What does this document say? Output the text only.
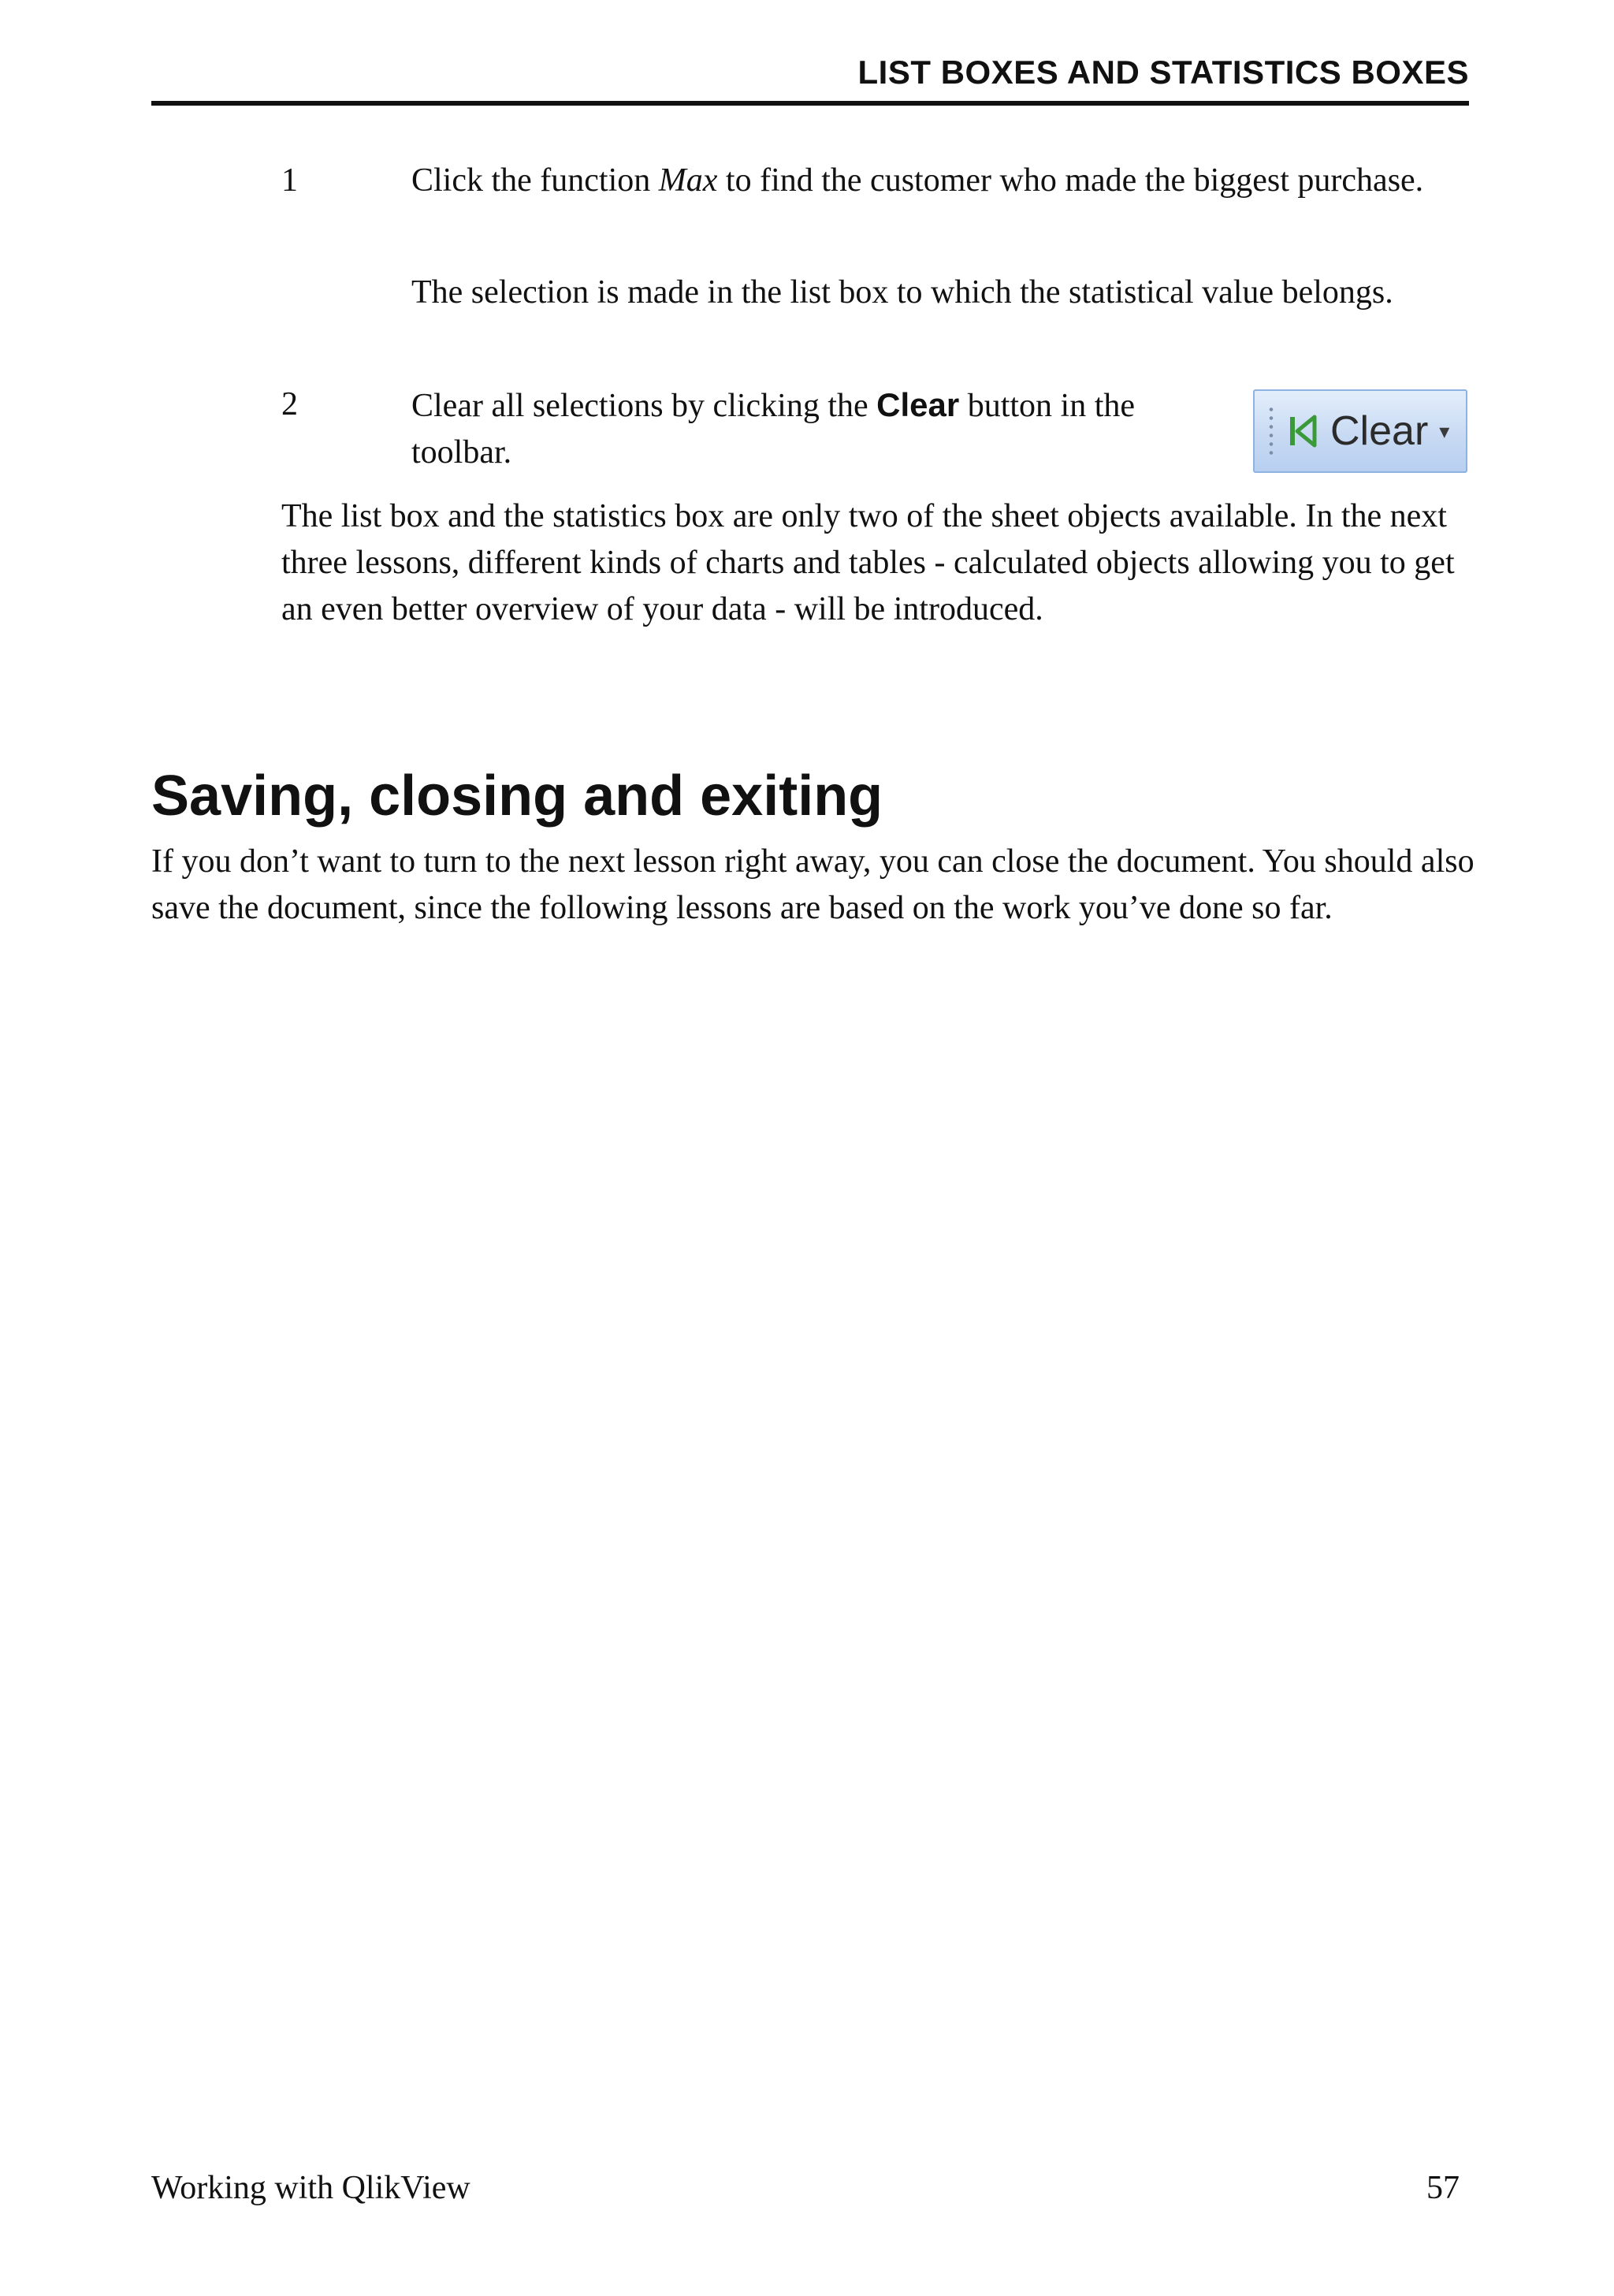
LIST BOXES AND STATISTICS BOXES
1	Click the function Max to find the customer who made the biggest purchase.
The selection is made in the list box to which the statistical value belongs.
2	Clear all selections by clicking the Clear button in the toolbar.	Clear ▾
The list box and the statistics box are only two of the sheet objects available. In the next three lessons, different kinds of charts and tables - calculated objects allowing you to get an even better overview of your data - will be introduced.
Saving, closing and exiting
If you don’t want to turn to the next lesson right away, you can close the document. You should also save the document, since the following lessons are based on the work you’ve done so far.
Working with QlikView	57
